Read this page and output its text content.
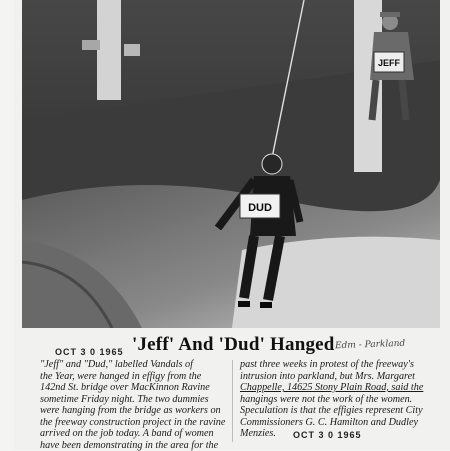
DUD
JEFF
'Jeff' And 'Dud' Hanged Edm - Parkland
OCT 3 0 1965
"Jeff" and "Dud," labelled Vandals of
the Year, were hanged in effigy from the
142nd St. bridge over MacKinnon Ravine
sometime Friday night. The two dummies
were hanging from the bridge as workers on
the freeway construction project in the ravine
arrived on the job today. A band of women
have been demonstrating in the area for the
past three weeks in protest of the freeway's
intrusion into parkland, but Mrs. Margaret
Chappelle, 14625 Stony Plain Road, said the
hangings were not the work of the women.
Speculation is that the effigies represent City
Commissioners G. C. Hamilton and Dudley
Menzies.	OCT 3 0 1965
